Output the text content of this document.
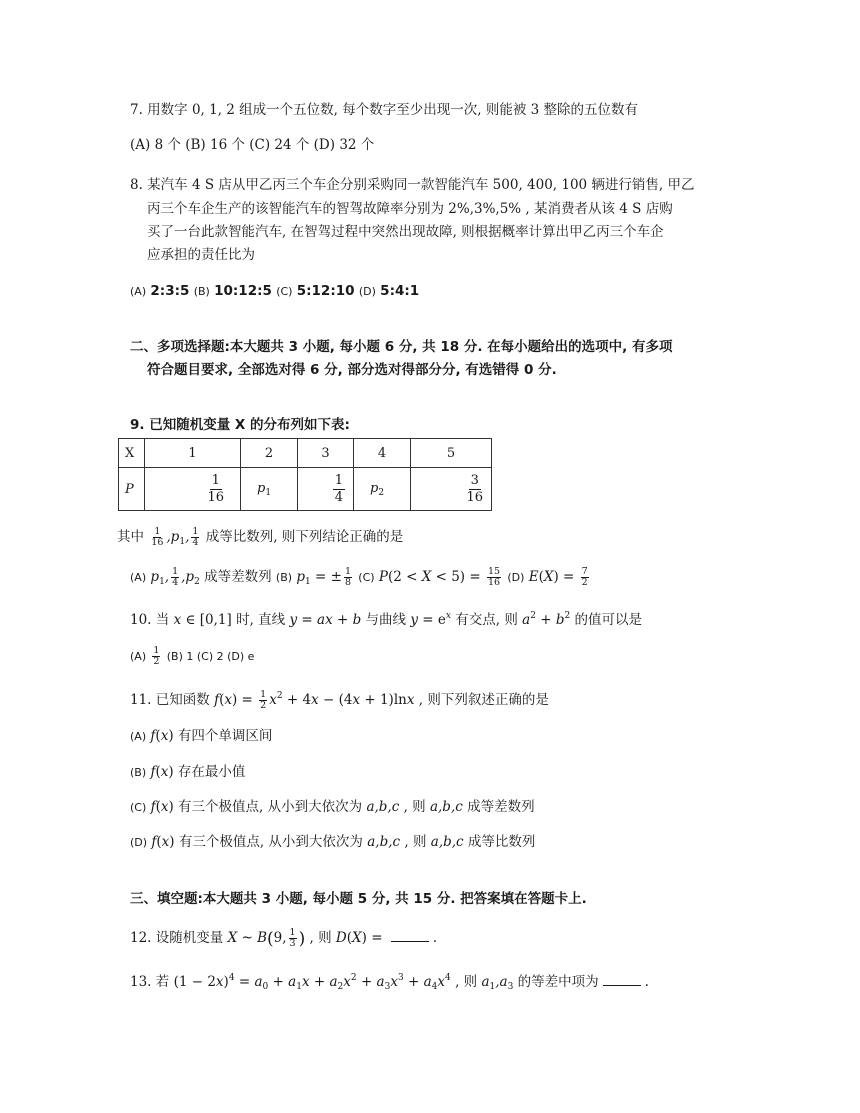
7. 用数字 0, 1, 2 组成一个五位数, 每个数字至少出现一次, 则能被 3 整除的五位数有
(A) 8 个 (B) 16 个 (C) 24 个 (D) 32 个
8. 某汽车 4 S 店从甲乙丙三个车企分别采购同一款智能汽车 500, 400, 100 辆进行销售, 甲乙
丙三个车企生产的该智能汽车的智驾故障率分别为 2%,3%,5% , 某消费者从该 4 S 店购
买了一台此款智能汽车, 在智驾过程中突然出现故障, 则根据概率计算出甲乙丙三个车企
应承担的责任比为
(A) 2:3:5 (B) 10:12:5 (C) 5:12:10 (D) 5:4:1
二、多项选择题:本大题共 3 小题, 每小题 6 分, 共 18 分. 在每小题给出的选项中, 有多项
符合题目要求, 全部选对得 6 分, 部分选对得部分分, 有选错得 0 分.
9. 已知随机变量 X 的分布列如下表:
X	1	2	3	4	5
P	$\frac{1}{16}$	$p_1$	$\frac{1}{4}$	$p_2$	$\frac{3}{16}$
其中 $\frac{1}{16} ,p_1$, $\frac{1}{4}$ 成等比数列, 则下列结论正确的是
(A) $p_1$, $\frac{1}{4} ,p_2$ 成等差数列 (B) $p_1$ = ± $\frac{1}{8} (C) P(2 < X < 5) = \frac{15}{16} (D) E(X) = \frac{7}{2}$
10. 当 x ∈ [0,1] 时, 直线 y = ax + b 与曲线 $y = e^x$ 有交点, 则 $a^2 + b^2$ 的值可以是
$(A) \frac{1}{2} (B)$ 1 (C) 2 (D) e
11. 已知函数 $f(x) = \frac{1}{2} x^2 + 4x - (4x + 1)\ln x$ , 则下列叙述正确的是
(A) f(x) 有四个单调区间
(B) f(x) 存在最小值
(C) f(x) 有三个极值点, 从小到大依次为 a,b,c , 则 a,b,c 成等差数列
(D) f(x) 有三个极值点, 从小到大依次为 a,b,c , 则 a,b,c 成等比数列
三、填空题:本大题共 3 小题, 每小题 5 分, 共 15 分. 把答案填在答题卡上.
12. 设随机变量 X ~ B(9, $\frac{1}{3}$ ) , 则 D(X) =	.
13. 若 $(1 - 2x)^4 = a_0 + a_1x + a_2x^2 + a_3x^3 + a_4x^4$ , 则 $a_1,a_3$ 的等差中项为	.
